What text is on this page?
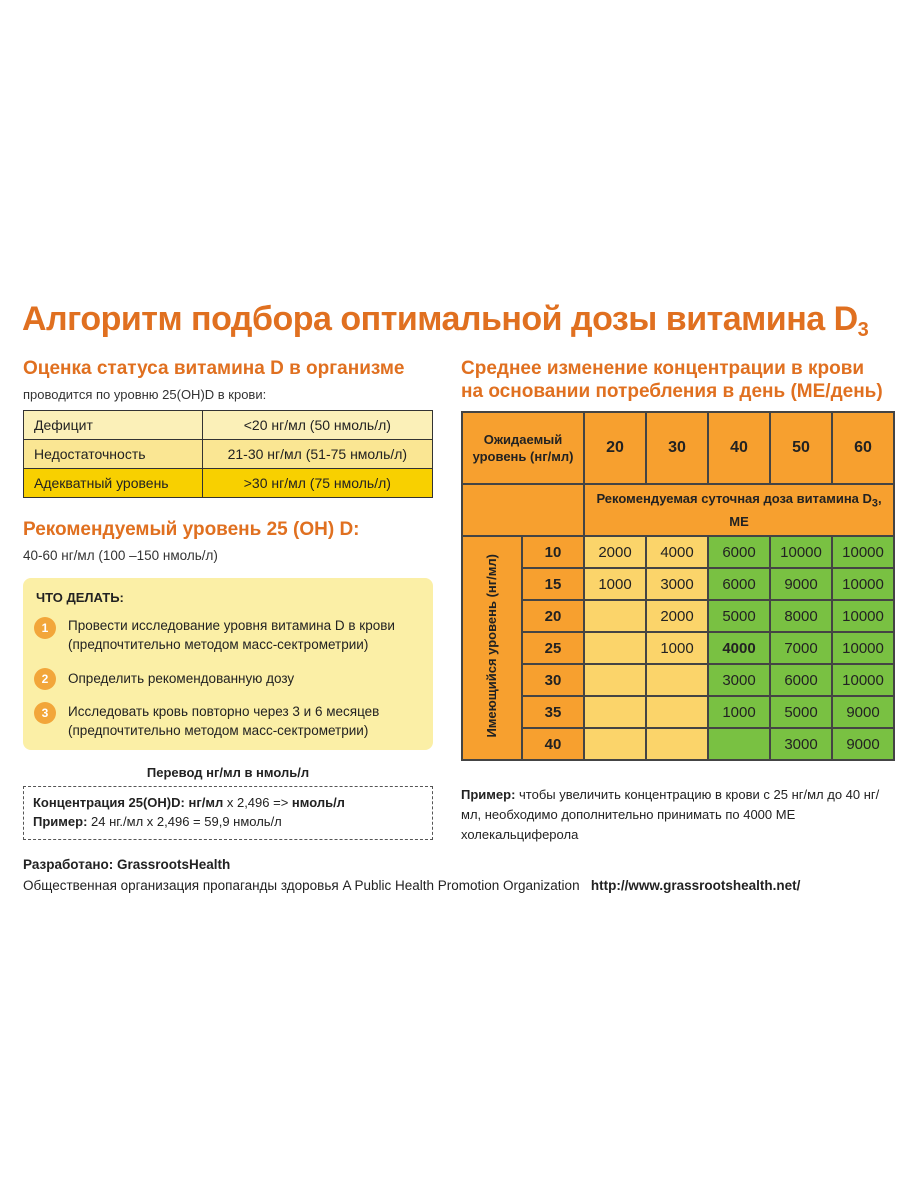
Алгоритм подбора оптимальной дозы витамина $D_3$
Оценка статуса витамина D в организме
проводится по уровню 25(OH)D в крови:
Дефицит	<20 нг/мл (50 нмоль/л)
Недостаточность	21-30 нг/мл (51-75 нмоль/л)
Адекватный уровень	>30 нг/мл (75 нмоль/л)
Рекомендуемый уровень 25 (OH) D:
40-60 нг/мл (100 –150 нмоль/л)
ЧТО ДЕЛАТЬ:
1	Провести исследование уровня витамина D в крови (предпочтительно методом масс-сектрометрии)
2	Определить рекомендованную дозу
3	Исследовать кровь повторно через 3 и 6 месяцев (предпочтительно методом масс-сектрометрии)
Перевод нг/мл в нмоль/л
Концентрация 25(OH)D: нг/мл x 2,496 => нмоль/л
Пример: 24 нг./мл x 2,496 = 59,9 нмоль/л
Среднее изменение концентрации в крови
на основании потребления в день (МЕ/день)
Ожидаемый уровень (нг/мл)		20	30	40	50	60
		Рекомендуемая суточная доза витамина $D_3$, МЕ				
Имеющийся уровень (нг/мл)	10	2000	4000	6000	10000	10000
	15	1000	3000	6000	9000	10000
	20		2000	5000	8000	10000
	25		1000	4000	7000	10000
	30			3000	6000	10000
	35			1000	5000	9000
	40				3000	9000
Пример: чтобы увеличить концентрацию в крови с 25 нг/мл до 40 нг/мл, необходимо дополнительно принимать по 4000 МЕ холекальциферола
Разработано: GrassrootsHealth
Общественная организация пропаганды здоровья A Public Health Promotion Organization http://www.grassrootshealth.net/
